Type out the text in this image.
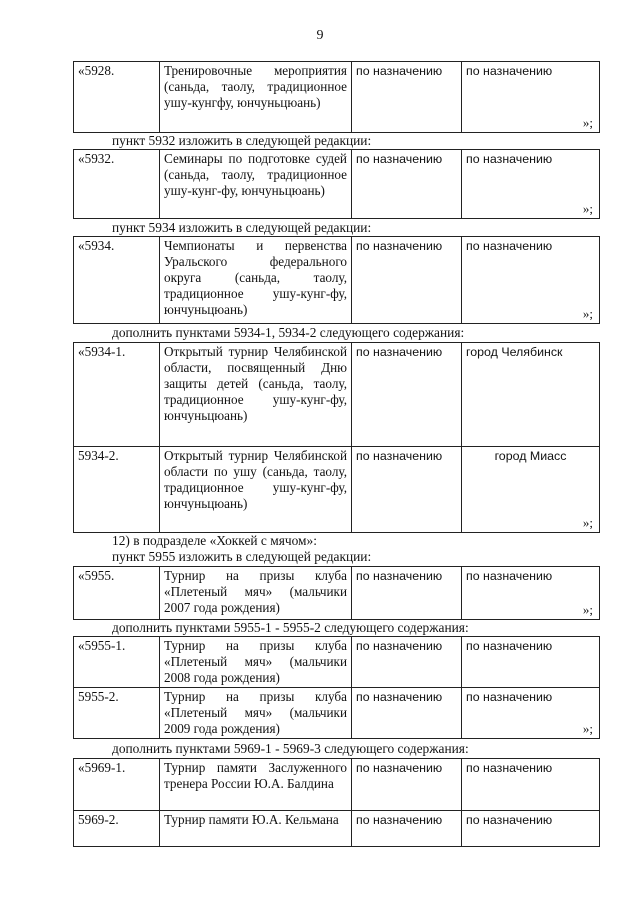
9
«5928.	Тренировочные мероприятия (саньда, таолу, традиционное ушу-кунгфу, юнчуньцюань)	по назначению	по назначению
»;
пункт 5932 изложить в следующей редакции:
«5932.	Семинары по подготовке судей (саньда, таолу, традиционное ушу-кунг-фу, юнчуньцюань)	по назначению	по назначению
»;
пункт 5934 изложить в следующей редакции:
«5934.	Чемпионаты и первенства Уральского федерального округа (саньда, таолу, традиционное ушу-кунг-фу, юнчуньцюань)	по назначению	по назначению
»;
дополнить пунктами 5934-1, 5934-2 следующего содержания:
«5934-1.	Открытый турнир Челябинской области, посвященный Дню защиты детей (саньда, таолу, традиционное ушу-кунг-фу, юнчуньцюань)	по назначению	город Челябинск

5934-2.	Открытый турнир Челябинской области по ушу (саньда, таолу, традиционное ушу-кунг-фу, юнчуньцюань)	по назначению	город Миасс
»;
12) в подразделе «Хоккей с мячом»:
пункт 5955 изложить в следующей редакции:
«5955.	Турнир на призы клуба «Плетеный мяч» (мальчики 2007 года рождения)	по назначению	по назначению
»;
дополнить пунктами 5955-1 - 5955-2 следующего содержания:
«5955-1.	Турнир на призы клуба «Плетеный мяч» (мальчики 2008 года рождения)	по назначению	по назначению

5955-2.	Турнир на призы клуба «Плетеный мяч» (мальчики 2009 года рождения)	по назначению	по назначению
»;
дополнить пунктами 5969-1 - 5969-3 следующего содержания:
«5969-1.	Турнир памяти Заслуженного тренера России Ю.А. Балдина	по назначению	по назначению

5969-2.	Турнир памяти Ю.А. Кельмана	по назначению	по назначению
